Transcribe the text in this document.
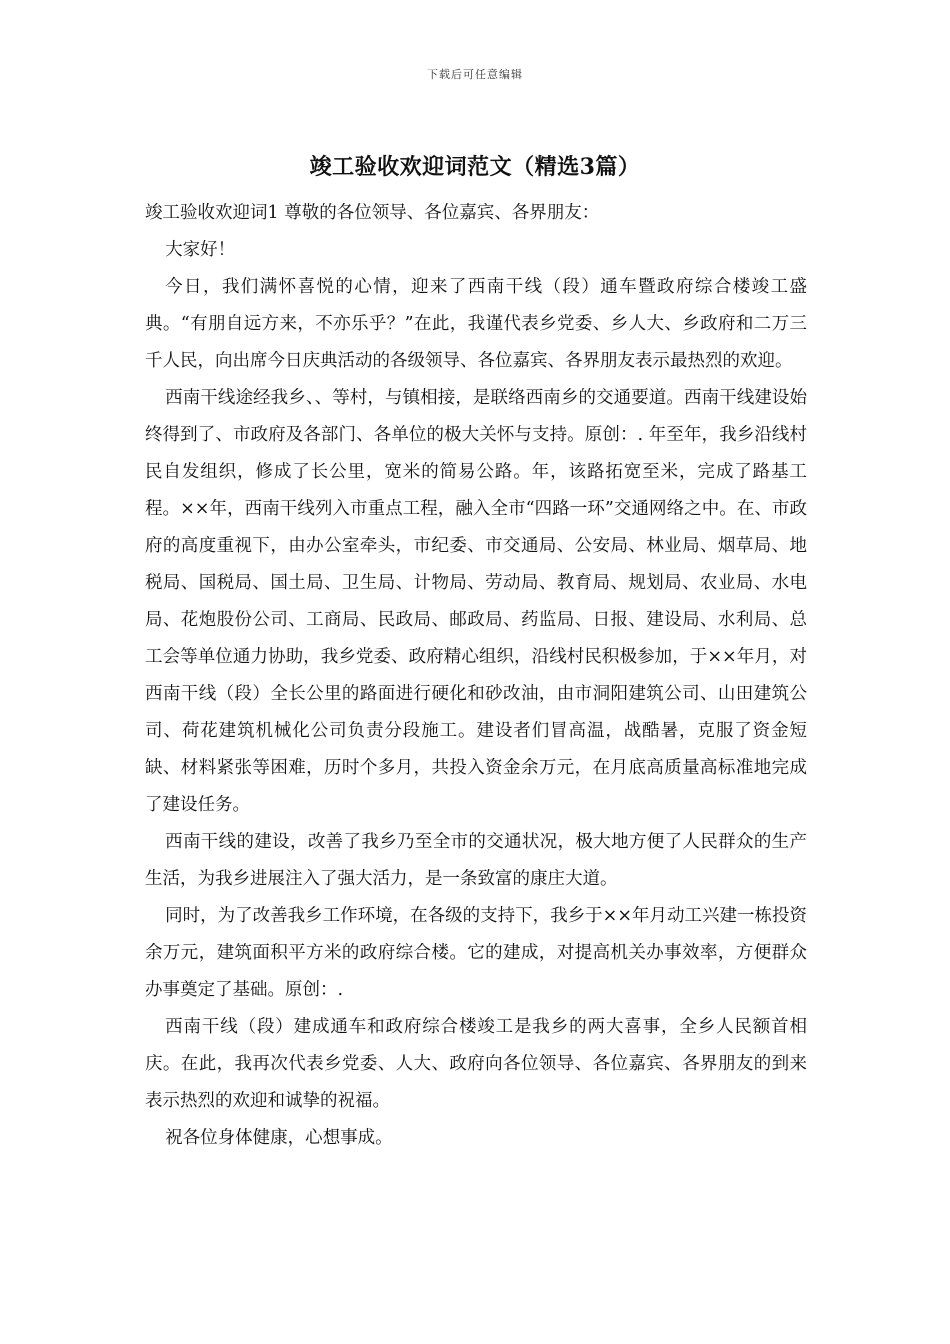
下载后可任意编辑
竣工验收欢迎词范文（精选3篇）

竣工验收欢迎词1 尊敬的各位领导、各位嘉宾、各界朋友：

大家好！

今日，我们满怀喜悦的心情，迎来了西南干线（段）通车暨政府综合楼竣工盛典。“有朋自远方来，不亦乐乎？”在此，我谨代表乡党委、乡人大、乡政府和二万三千人民，向出席今日庆典活动的各级领导、各位嘉宾、各界朋友表示最热烈的欢迎。

西南干线途经我乡、、等村，与镇相接，是联络西南乡的交通要道。西南干线建设始终得到了、市政府及各部门、各单位的极大关怀与支持。原创：. 年至年，我乡沿线村民自发组织，修成了长公里，宽米的简易公路。年，该路拓宽至米，完成了路基工程。××年，西南干线列入市重点工程，融入全市“四路一环”交通网络之中。在、市政府的高度重视下，由办公室牵头，市纪委、市交通局、公安局、林业局、烟草局、地税局、国税局、国土局、卫生局、计物局、劳动局、教育局、规划局、农业局、水电局、花炮股份公司、工商局、民政局、邮政局、药监局、日报、建设局、水利局、总工会等单位通力协助，我乡党委、政府精心组织，沿线村民积极参加，于××年月，对西南干线（段）全长公里的路面进行硬化和砂改油，由市洞阳建筑公司、山田建筑公司、荷花建筑机械化公司负责分段施工。建设者们冒高温，战酷暑，克服了资金短缺、材料紧张等困难，历时个多月，共投入资金余万元，在月底高质量高标准地完成了建设任务。

西南干线的建设，改善了我乡乃至全市的交通状况，极大地方便了人民群众的生产生活，为我乡进展注入了强大活力，是一条致富的康庄大道。

同时，为了改善我乡工作环境，在各级的支持下，我乡于××年月动工兴建一栋投资余万元，建筑面积平方米的政府综合楼。它的建成，对提高机关办事效率，方便群众办事奠定了基础。原创：.

西南干线（段）建成通车和政府综合楼竣工是我乡的两大喜事，全乡人民额首相庆。在此，我再次代表乡党委、人大、政府向各位领导、各位嘉宾、各界朋友的到来表示热烈的欢迎和诚挚的祝福。

祝各位身体健康，心想事成。
